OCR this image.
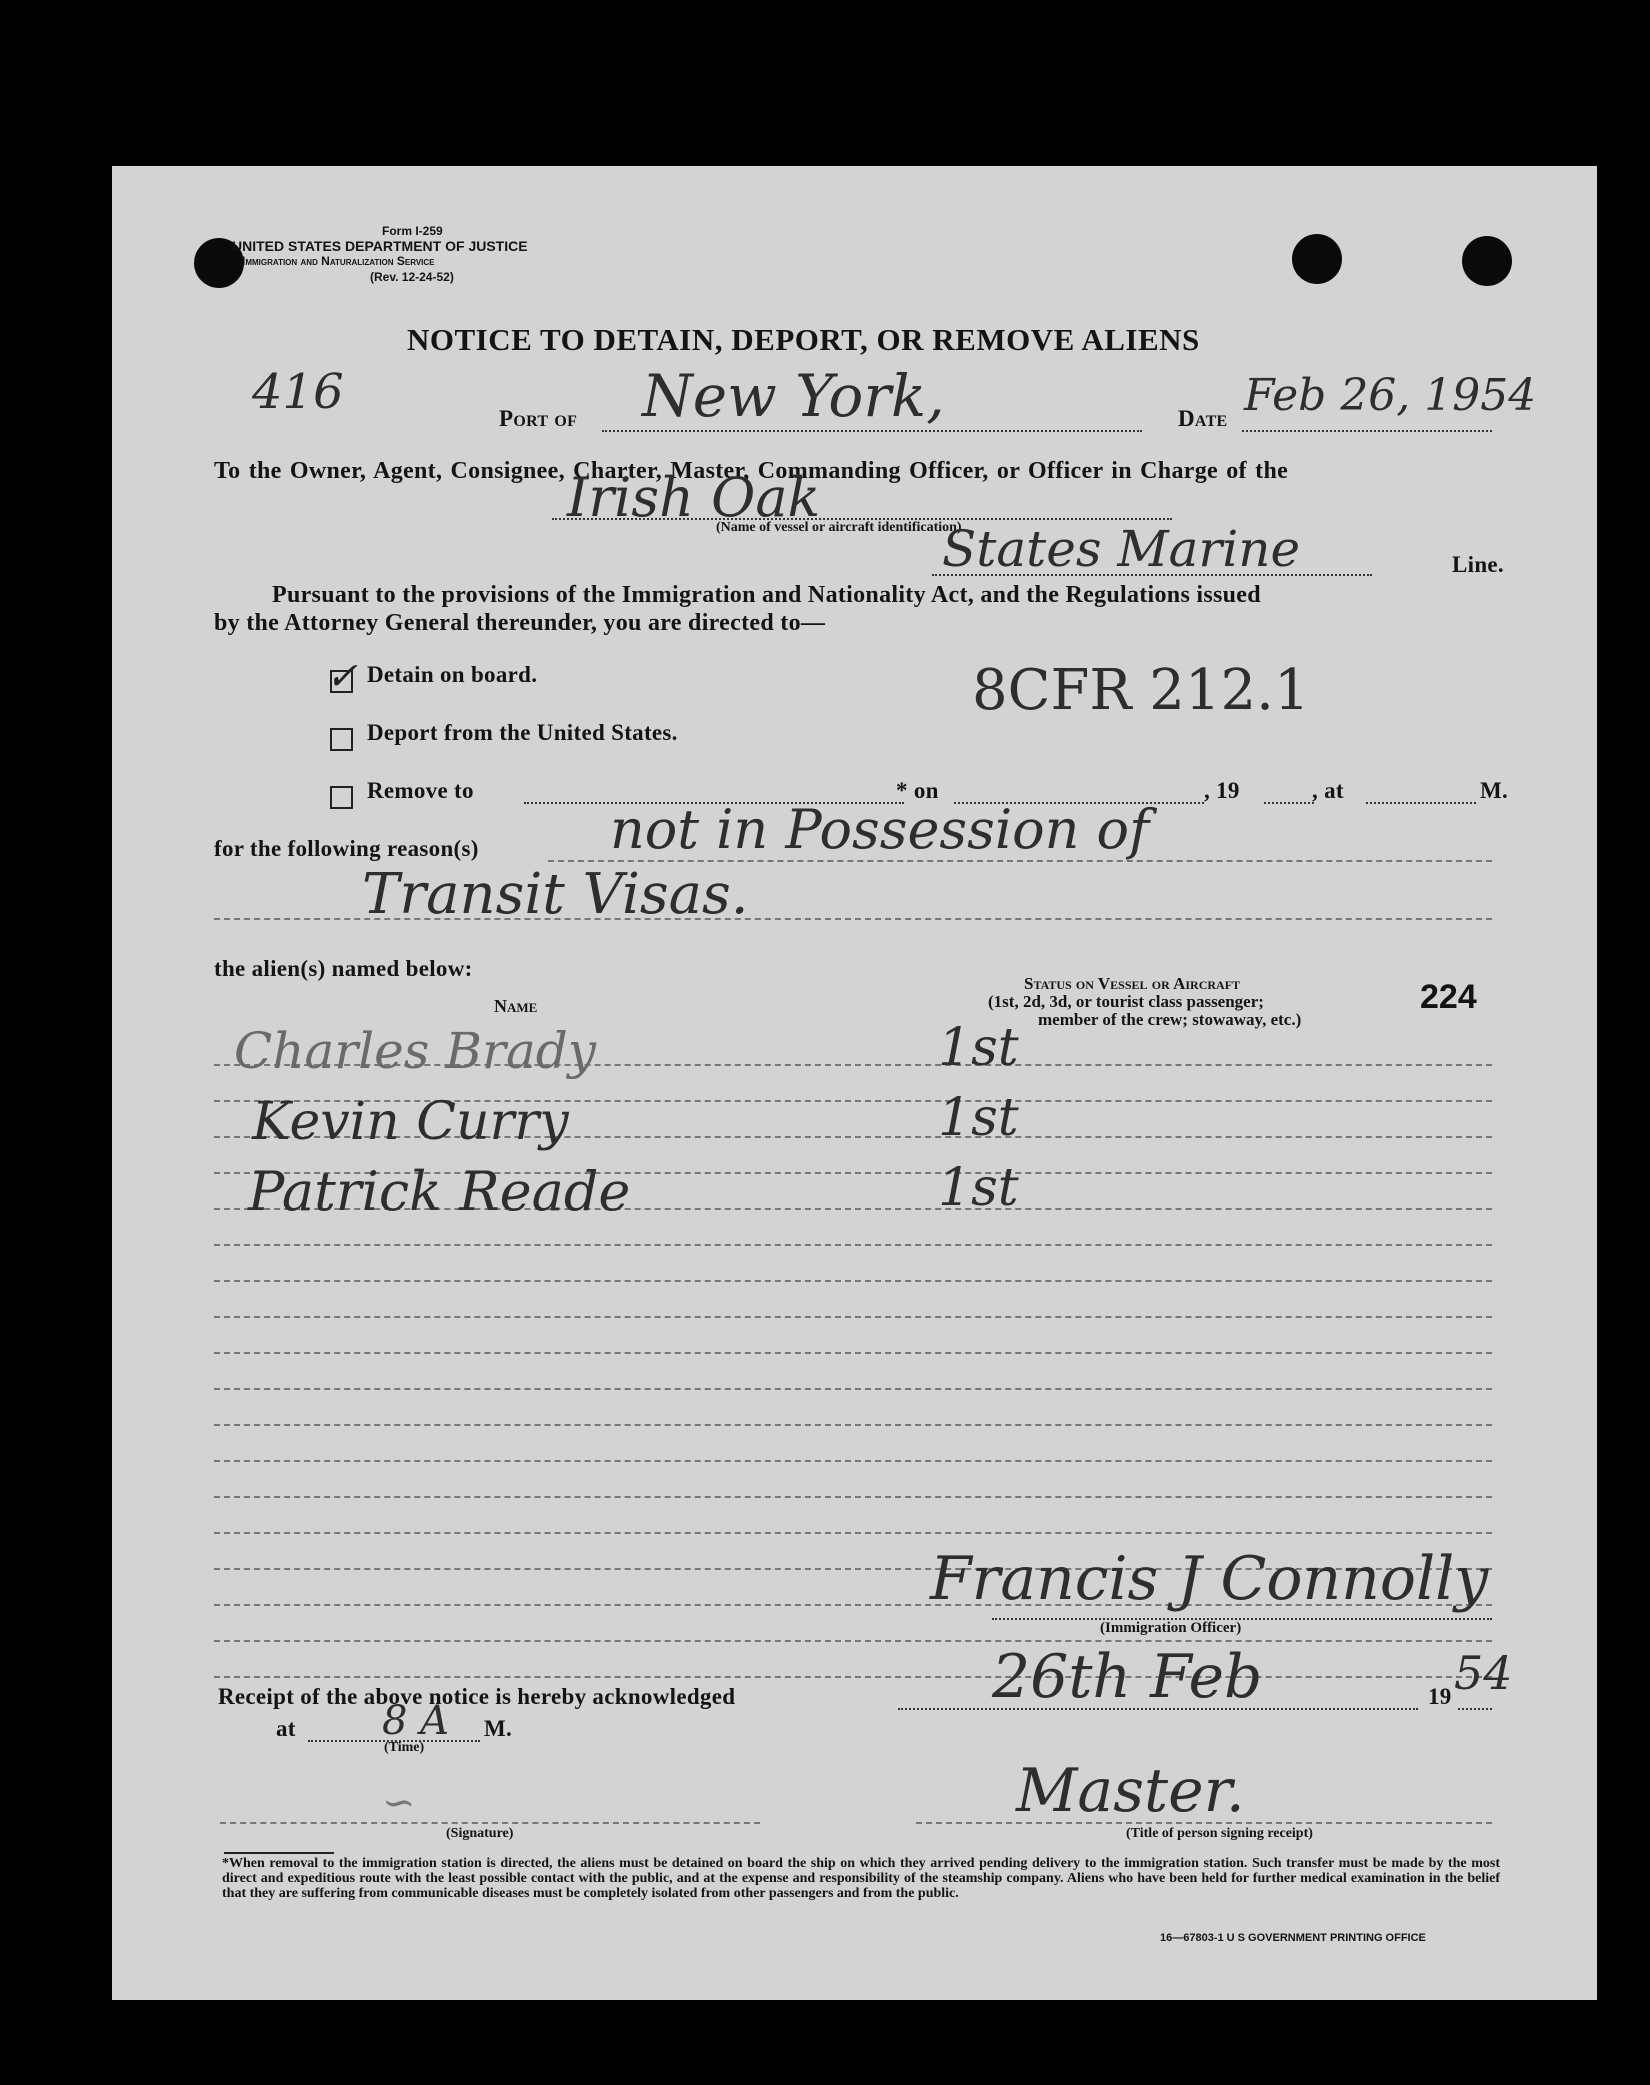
Form I-259
UNITED STATES DEPARTMENT OF JUSTICE
Immigration and Naturalization Service
(Rev. 12-24-52)
NOTICE TO DETAIN, DEPORT, OR REMOVE ALIENS
416	Port of New York,	Date Feb 26, 1954
To the Owner, Agent, Consignee, Charter, Master, Commanding Officer, or Officer in Charge of the
Irish Oak
(Name of vessel or aircraft identification)
States Marine	Line.
Pursuant to the provisions of the Immigration and Nationality Act, and the Regulations issued
by the Attorney General thereunder, you are directed to—
✓ Detain on board.	8CFR 212.1
Deport from the United States.
Remove to	* on	, 19	, at	M.
for the following reason(s) not in Possession of
Transit Visas.
the alien(s) named below:
Name
Status on Vessel or Aircraft
(1st, 2d, 3d, or tourist class passenger;
member of the crew; stowaway, etc.)
224
Charles Brady	1st
Kevin Curry	1st
Patrick Reade	1st
Francis J Connolly
(Immigration Officer)
Receipt of the above notice is hereby acknowledged	26th Feb	19 54
at 8 A
(Time)
M.
∽
(Signature)
Master.
(Title of person signing receipt)
*When removal to the immigration station is directed, the aliens must be detained on board the ship on which they arrived pending delivery to the immigration station. Such transfer must be made by the most direct and expeditious route with the least possible contact with the public, and at the expense and responsibility of the steamship company. Aliens who have been held for further medical examination in the belief that they are suffering from communicable diseases must be completely isolated from other passengers and from the public.
16—67803-1 U S GOVERNMENT PRINTING OFFICE
